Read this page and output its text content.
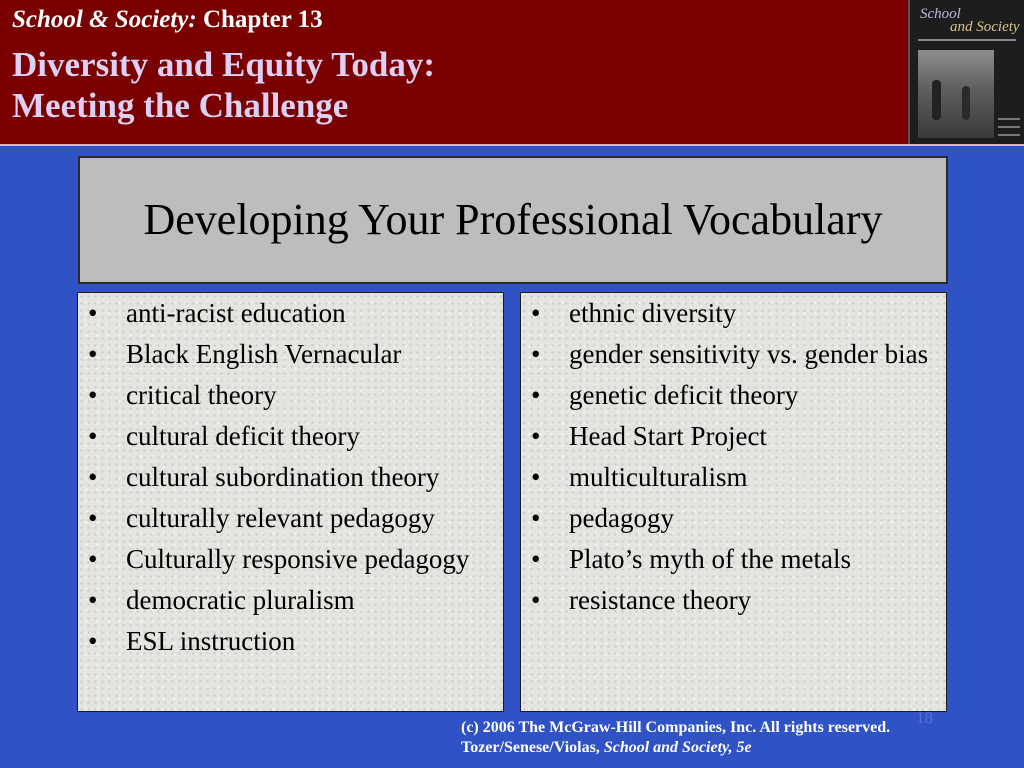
School & Society: Chapter 13
Diversity and Equity Today:
Meeting the Challenge
School
and Society
Developing Your Professional Vocabulary
• anti-racist education
• Black English Vernacular
• critical theory
• cultural deficit theory
• cultural subordination theory
• culturally relevant pedagogy
• Culturally responsive pedagogy
• democratic pluralism
• ESL instruction
• ethnic diversity
• gender sensitivity vs. gender bias
• genetic deficit theory
• Head Start Project
• multiculturalism
• pedagogy
• Plato’s myth of the metals
• resistance theory
18
(c) 2006 The McGraw-Hill Companies, Inc. All rights reserved.
Tozer/Senese/Violas, School and Society, 5e
